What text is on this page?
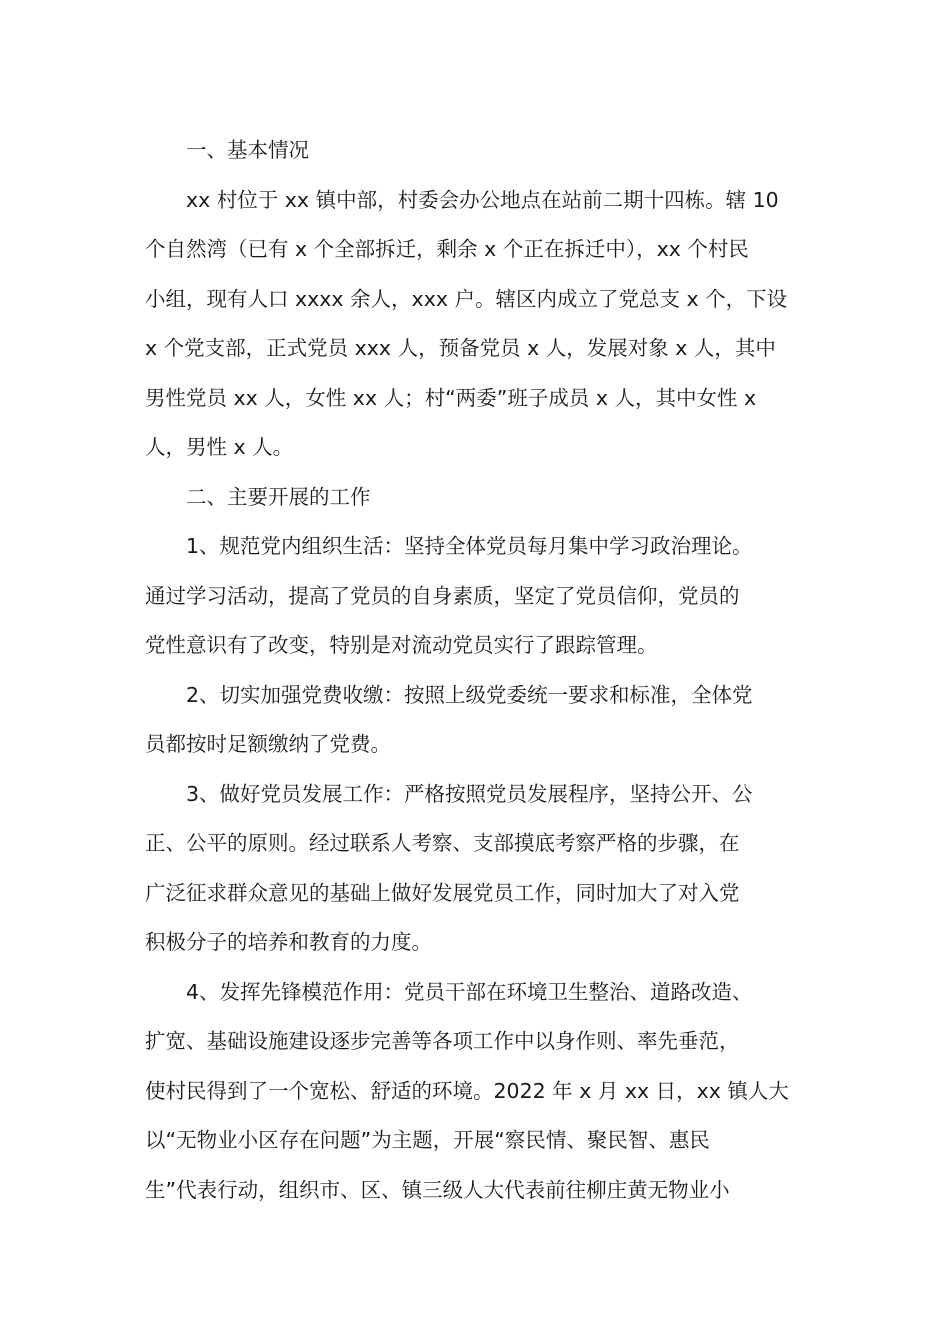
一、基本情况
xx 村位于 xx 镇中部，村委会办公地点在站前二期十四栋。辖 10
个自然湾（已有 x 个全部拆迁，剩余 x 个正在拆迁中），xx 个村民
小组，现有人口 xxxx 余人，xxx 户。辖区内成立了党总支 x 个，下设
x 个党支部，正式党员 xxx 人，预备党员 x 人，发展对象 x 人，其中
男性党员 xx 人，女性 xx 人；村“两委”班子成员 x 人，其中女性 x
人，男性 x 人。
二、主要开展的工作
1、规范党内组织生活：坚持全体党员每月集中学习政治理论。
通过学习活动，提高了党员的自身素质，坚定了党员信仰，党员的
党性意识有了改变，特别是对流动党员实行了跟踪管理。
2、切实加强党费收缴：按照上级党委统一要求和标准，全体党
员都按时足额缴纳了党费。
3、做好党员发展工作：严格按照党员发展程序，坚持公开、公
正、公平的原则。经过联系人考察、支部摸底考察严格的步骤，在
广泛征求群众意见的基础上做好发展党员工作，同时加大了对入党
积极分子的培养和教育的力度。
4、发挥先锋模范作用：党员干部在环境卫生整治、道路改造、
扩宽、基础设施建设逐步完善等各项工作中以身作则、率先垂范，
使村民得到了一个宽松、舒适的环境。2022 年 x 月 xx 日，xx 镇人大
以“无物业小区存在问题”为主题，开展“察民情、聚民智、惠民
生”代表行动，组织市、区、镇三级人大代表前往柳庄黄无物业小
